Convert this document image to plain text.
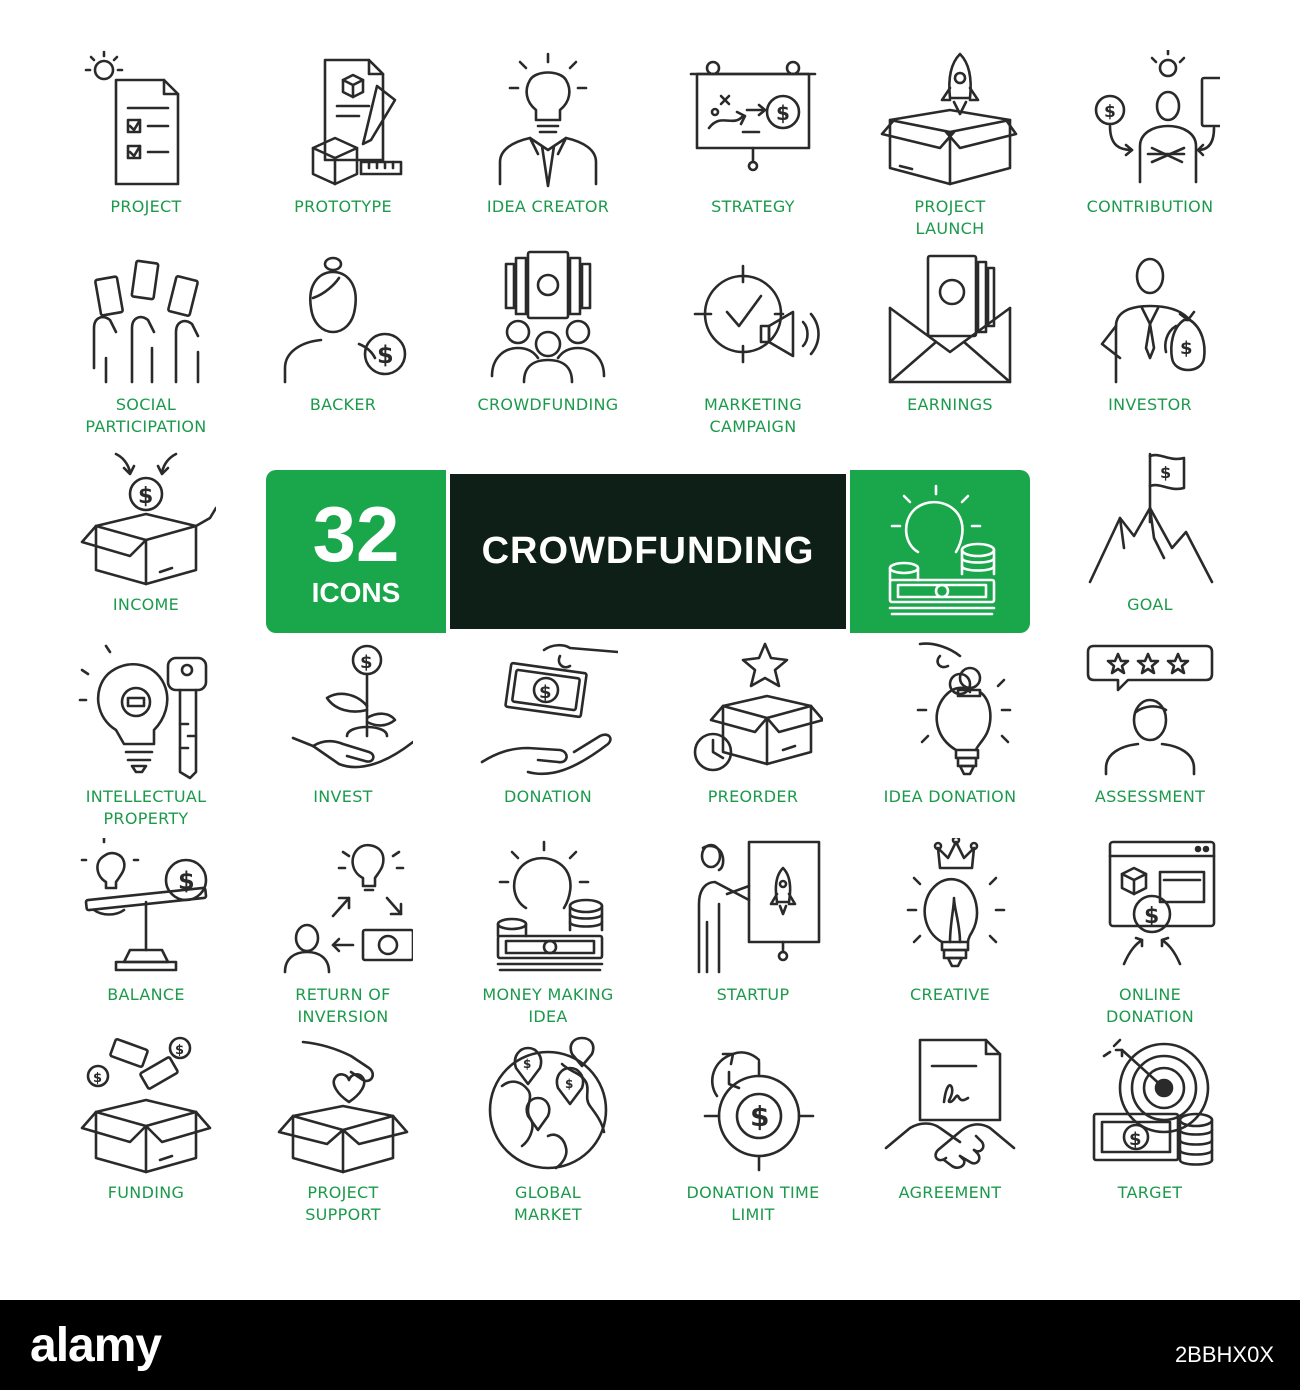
PROJECT	PROTOTYPE	IDEA CREATOR
$
STRATEGY	PROJECT
LAUNCH
$
CONTRIBUTION
SOCIAL
PARTICIPATION
$
BACKER	CROWDFUNDING	MARKETING
CAMPAIGN
EARNINGS
$
INVESTOR
$
INCOME
$
GOAL
INTELLECTUAL
PROPERTY
$
INVEST
$
DONATION	PREORDER	IDEA DONATION	ASSESSMENT
$
BALANCE	RETURN OF
INVERSION
MONEY MAKING
IDEA
STARTUP	CREATIVE
$
ONLINE
DONATION
$
$
FUNDING	PROJECT
SUPPORT
$
$
GLOBAL
MARKET
$
DONATION TIME
LIMIT
AGREEMENT
$
TARGET
32
ICONS
CROWDFUNDING
alamy	2BBHX0X
